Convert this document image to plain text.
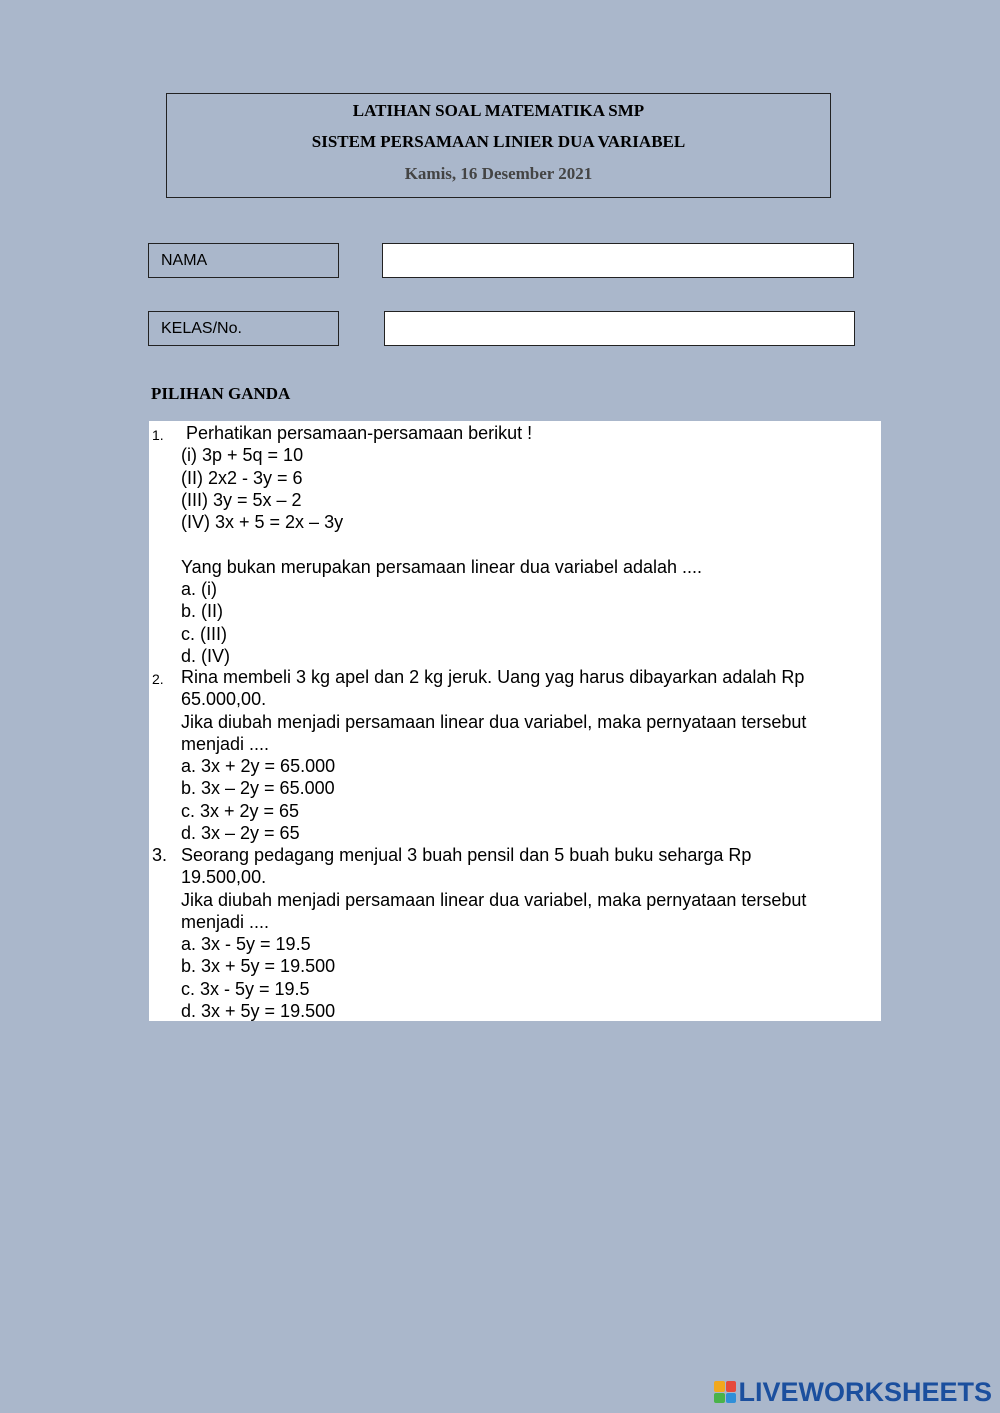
LATIHAN SOAL MATEMATIKA SMP
SISTEM PERSAMAAN LINIER DUA VARIABEL
Kamis, 16 Desember 2021
NAMA
KELAS/No.
PILIHAN GANDA
1. Perhatikan persamaan-persamaan berikut !
(i) 3p + 5q = 10
(II) 2x2 - 3y = 6
(III) 3y = 5x – 2
(IV) 3x + 5 = 2x – 3y
Yang bukan merupakan persamaan linear dua variabel adalah ....
a. (i)
b. (II)
c. (III)
d. (IV)
2. Rina membeli 3 kg apel dan 2 kg jeruk. Uang yag harus dibayarkan adalah Rp
65.000,00.
Jika diubah menjadi persamaan linear dua variabel, maka pernyataan tersebut
menjadi ....
a. 3x + 2y = 65.000
b. 3x – 2y = 65.000
c. 3x + 2y = 65
d. 3x – 2y = 65
3. Seorang pedagang menjual 3 buah pensil dan 5 buah buku seharga Rp
19.500,00.
Jika diubah menjadi persamaan linear dua variabel, maka pernyataan tersebut
menjadi ....
a. 3x - 5y = 19.5
b. 3x + 5y = 19.500
c. 3x - 5y = 19.5
d. 3x + 5y = 19.500
LIVEWORKSHEETS
